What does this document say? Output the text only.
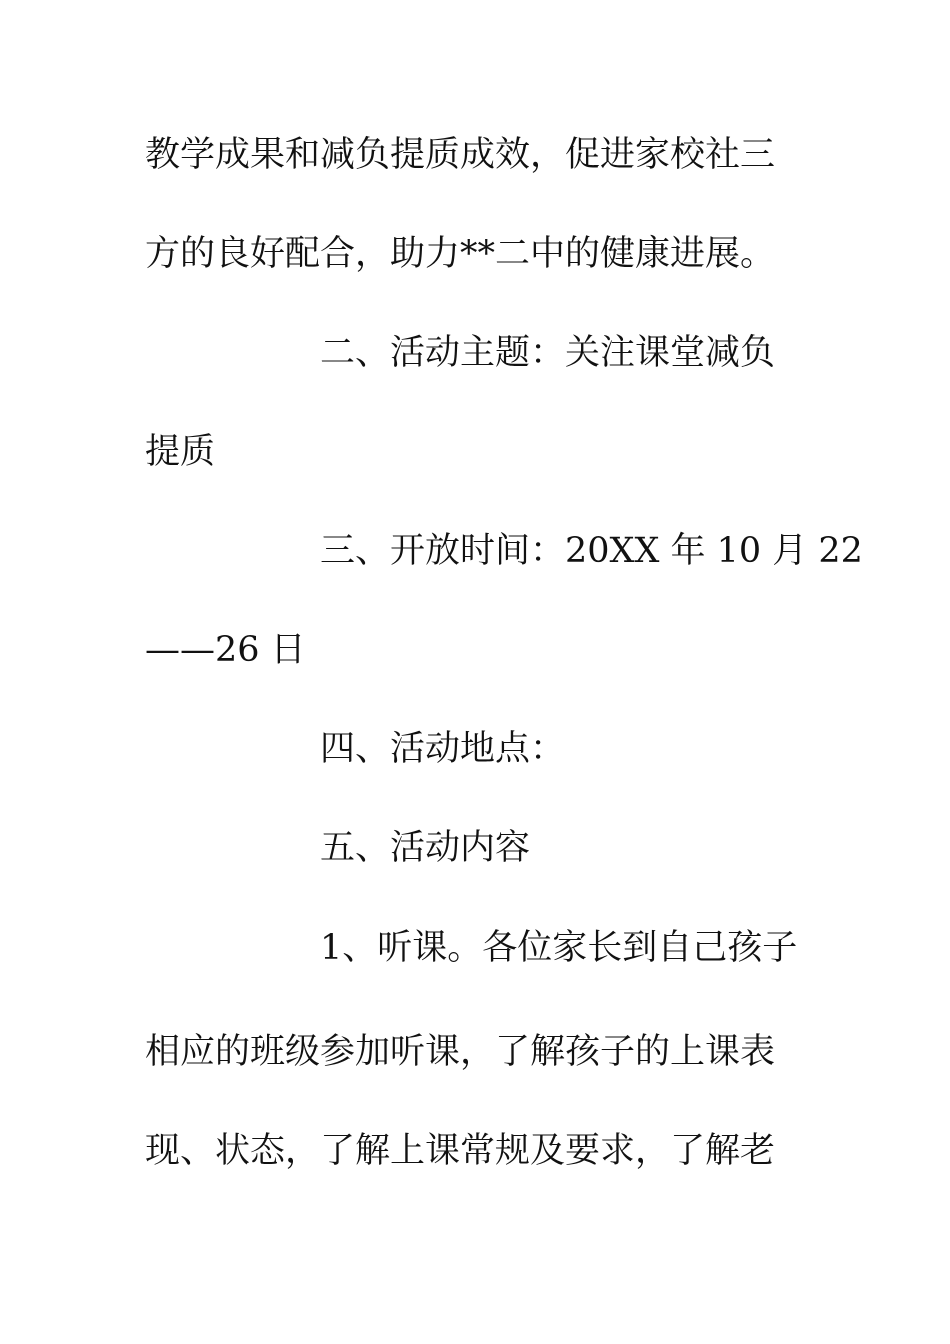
教学成果和减负提质成效，促进家校社三
方的良好配合，助力**二中的健康进展。
二、活动主题：关注课堂减负
提质
三、开放时间：20XX 年 10 月 22
——26 日
四、活动地点：
五、活动内容
1、听课。各位家长到自己孩子
相应的班级参加听课，了解孩子的上课表
现、状态，了解上课常规及要求，了解老
